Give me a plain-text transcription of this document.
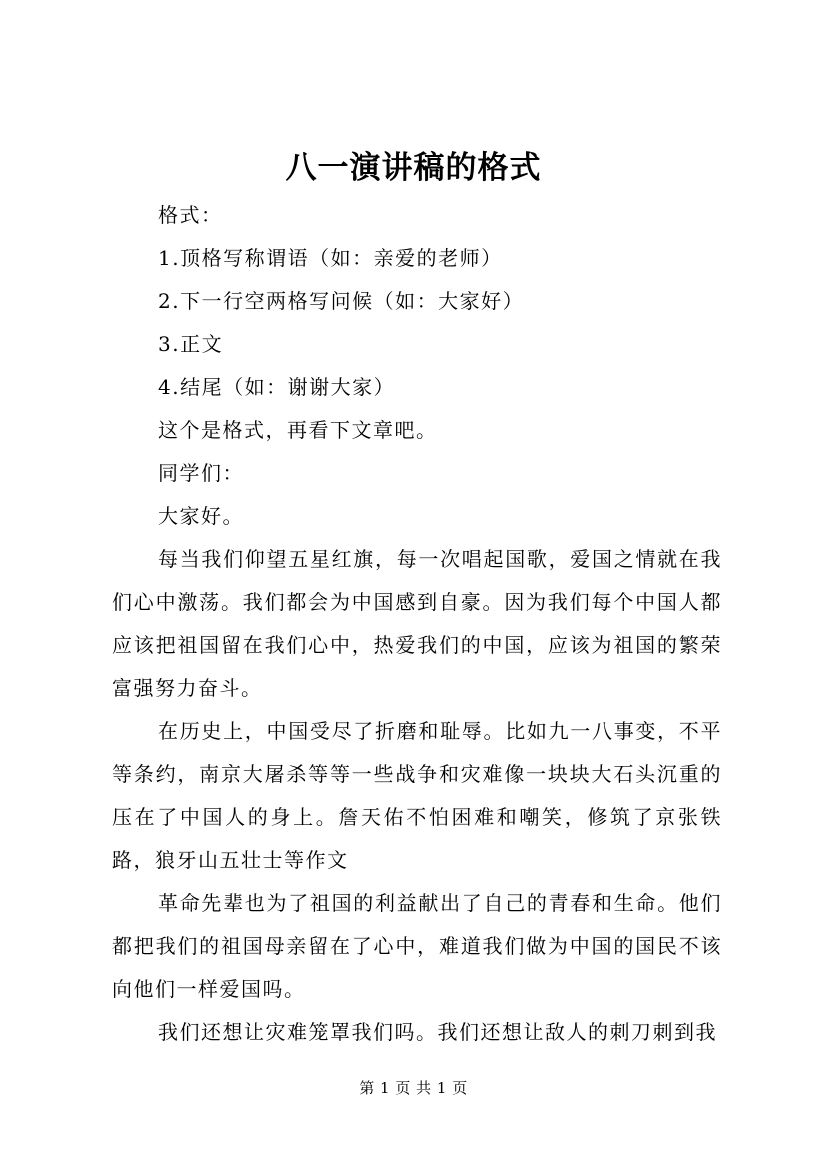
八一演讲稿的格式
格式：
1.顶格写称谓语（如：亲爱的老师）
2.下一行空两格写问候（如：大家好）
3.正文
4.结尾（如：谢谢大家）
这个是格式，再看下文章吧。
同学们：
大家好。

每当我们仰望五星红旗，每一次唱起国歌，爱国之情就在我们心中激荡。我们都会为中国感到自豪。因为我们每个中国人都应该把祖国留在我们心中，热爱我们的中国，应该为祖国的繁荣富强努力奋斗。

在历史上，中国受尽了折磨和耻辱。比如九一八事变，不平等条约，南京大屠杀等等一些战争和灾难像一块块大石头沉重的压在了中国人的身上。詹天佑不怕困难和嘲笑，修筑了京张铁路，狼牙山五壮士等作文

革命先辈也为了祖国的利益献出了自己的青春和生命。他们都把我们的祖国母亲留在了心中，难道我们做为中国的国民不该向他们一样爱国吗。

我们还想让灾难笼罩我们吗。我们还想让敌人的刺刀刺到我

第 1 页 共 1 页
